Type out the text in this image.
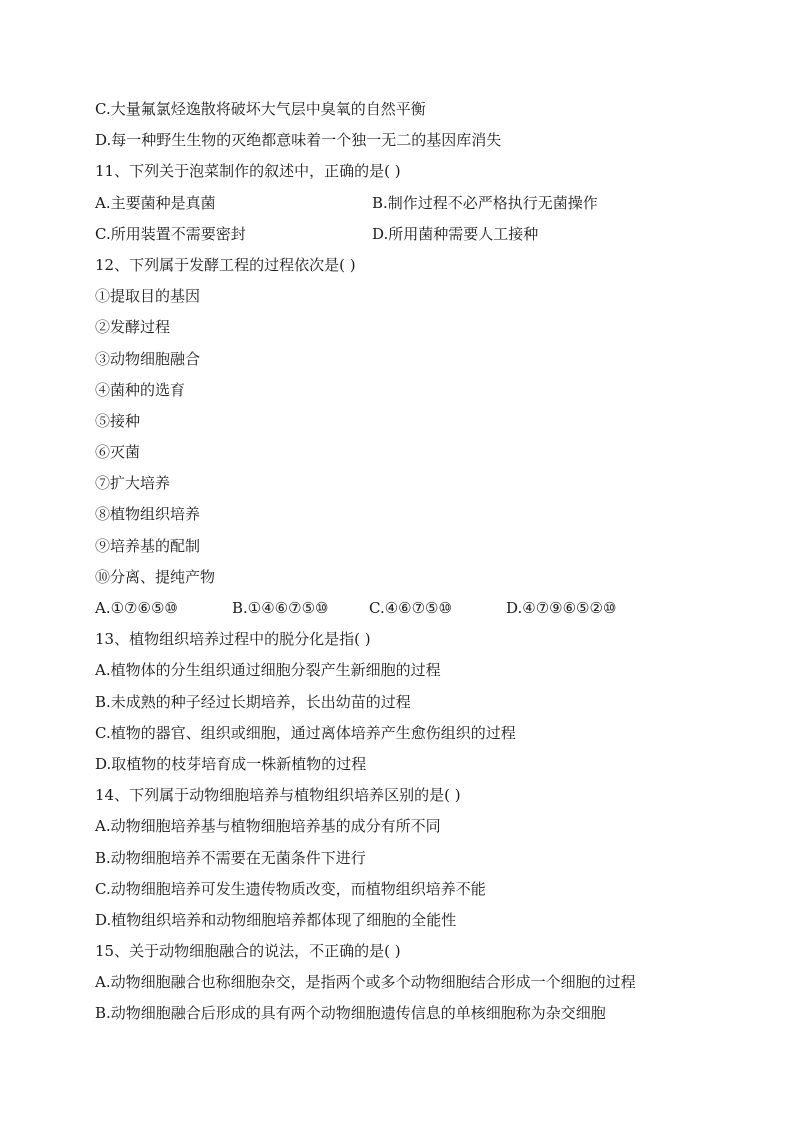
C.大量氟氯烃逸散将破坏大气层中臭氧的自然平衡
D.每一种野生生物的灭绝都意味着一个独一无二的基因库消失
11、下列关于泡菜制作的叙述中，正确的是( )
A.主要菌种是真菌	B.制作过程不必严格执行无菌操作
C.所用装置不需要密封	D.所用菌种需要人工接种
12、下列属于发酵工程的过程依次是( )
①提取目的基因
②发酵过程
③动物细胞融合
④菌种的选育
⑤接种
⑥灭菌
⑦扩大培养
⑧植物组织培养
⑨培养基的配制
⑩分离、提纯产物
A.①⑦⑥⑤⑩	B.①④⑥⑦⑤⑩	C.④⑥⑦⑤⑩	D.④⑦⑨⑥⑤②⑩
13、植物组织培养过程中的脱分化是指( )
A.植物体的分生组织通过细胞分裂产生新细胞的过程
B.未成熟的种子经过长期培养，长出幼苗的过程
C.植物的器官、组织或细胞，通过离体培养产生愈伤组织的过程
D.取植物的枝芽培育成一株新植物的过程
14、下列属于动物细胞培养与植物组织培养区别的是( )
A.动物细胞培养基与植物细胞培养基的成分有所不同
B.动物细胞培养不需要在无菌条件下进行
C.动物细胞培养可发生遗传物质改变，而植物组织培养不能
D.植物组织培养和动物细胞培养都体现了细胞的全能性
15、关于动物细胞融合的说法，不正确的是( )
A.动物细胞融合也称细胞杂交，是指两个或多个动物细胞结合形成一个细胞的过程
B.动物细胞融合后形成的具有两个动物细胞遗传信息的单核细胞称为杂交细胞
